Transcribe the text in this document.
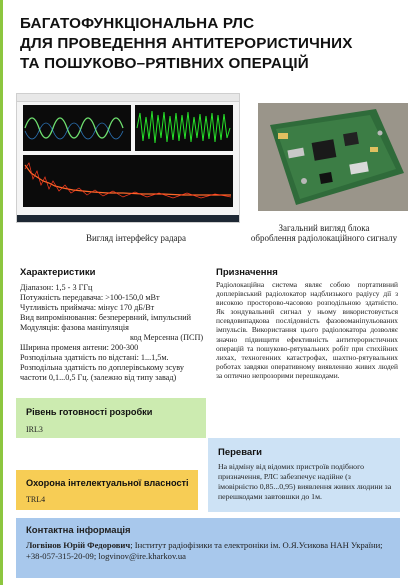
БАГАТОФУНКЦІОНАЛЬНА РЛС
ДЛЯ ПРОВЕДЕННЯ АНТИТЕРОРИСТИЧНИХ
ТА ПОШУКОВО–РЯТІВНИХ ОПЕРАЦІЙ
Вигляд інтерфейсу радара
Загальний вигляд блока
оброблення радіолокаційного сигналу
Характеристики
Діапазон: 1,5 - 3 ГГц
Потужність передавача: >100-150,0 мВт
Чутливість приймача: мінус 170 дБ/Вт
Вид випромінювання: безперервний, імпульсний
Модуляція: фазова маніпуляція
код Мерсенна (ПСП)
Ширина променя антени: 200-300
Розподільна здатність по відстані: 1...1,5м.
Розподільна здатність по доплерівському зсуву
частоти 0,1...0,5 Гц. (залежно від типу завад)
Призначення
Радіолокаційна система являє собою портативний доплерівський радіолокатор надблизького радіусу дії з високою просторово-часовою розподільною здатністю. Як зондувальний сигнал у ньому використовується псевдовипадкова послідовність фазовоманіпульованих імпульсів. Використання цього радіолокатора дозволяє значно підвищити ефективність антитерористичних операцій та пошуково-рятувальних робіт при стихійних лихах, техногенних катастрофах, шахтно-рятувальних роботах завдяки оперативному виявленню живих людей за оптично непрозорими перешкодами.
Рівень готовності розробки
IRL3
Переваги
На відміну від відомих пристроїв подібного призначення, РЛС забезпечує надійне (з імовірністю 0,85...0,95) виявлення живих людини за перешкодами завтовшки до 1м.
Охорона інтелектуальної власності
TRL4
Контактна інформація
Логвінов Юрій Федорович; Інститут радіофізики та електроніки ім. О.Я.Усикова НАН України; +38-057-315-20-09; logvinov@ire.kharkov.ua
